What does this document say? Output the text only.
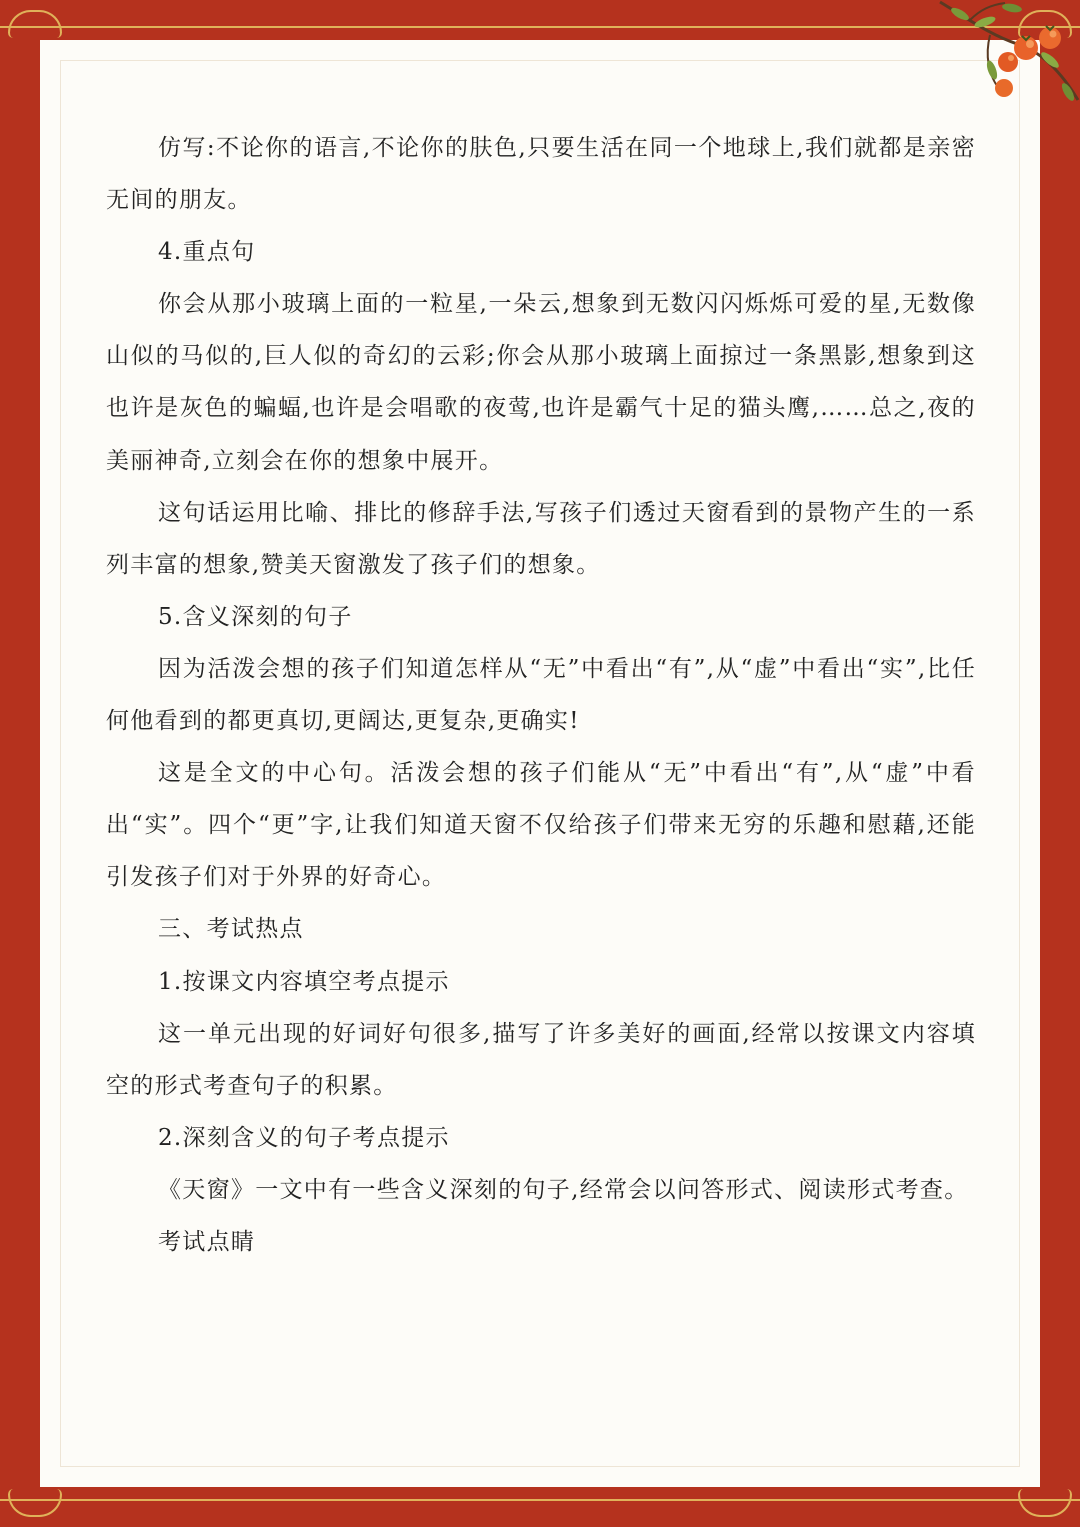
仿写:不论你的语言,不论你的肤色,只要生活在同一个地球上,我们就都是亲密无间的朋友。

4.重点句

你会从那小玻璃上面的一粒星,一朵云,想象到无数闪闪烁烁可爱的星,无数像山似的马似的,巨人似的奇幻的云彩;你会从那小玻璃上面掠过一条黑影,想象到这也许是灰色的蝙蝠,也许是会唱歌的夜莺,也许是霸气十足的猫头鹰,……总之,夜的美丽神奇,立刻会在你的想象中展开。

这句话运用比喻、排比的修辞手法,写孩子们透过天窗看到的景物产生的一系列丰富的想象,赞美天窗激发了孩子们的想象。

5.含义深刻的句子

因为活泼会想的孩子们知道怎样从“无”中看出“有”,从“虚”中看出“实”,比任何他看到的都更真切,更阔达,更复杂,更确实!

这是全文的中心句。活泼会想的孩子们能从“无”中看出“有”,从“虚”中看出“实”。四个“更”字,让我们知道天窗不仅给孩子们带来无穷的乐趣和慰藉,还能引发孩子们对于外界的好奇心。

三、考试热点

1.按课文内容填空考点提示

这一单元出现的好词好句很多,描写了许多美好的画面,经常以按课文内容填空的形式考查句子的积累。

2.深刻含义的句子考点提示

《天窗》一文中有一些含义深刻的句子,经常会以问答形式、阅读形式考查。

考试点睛
